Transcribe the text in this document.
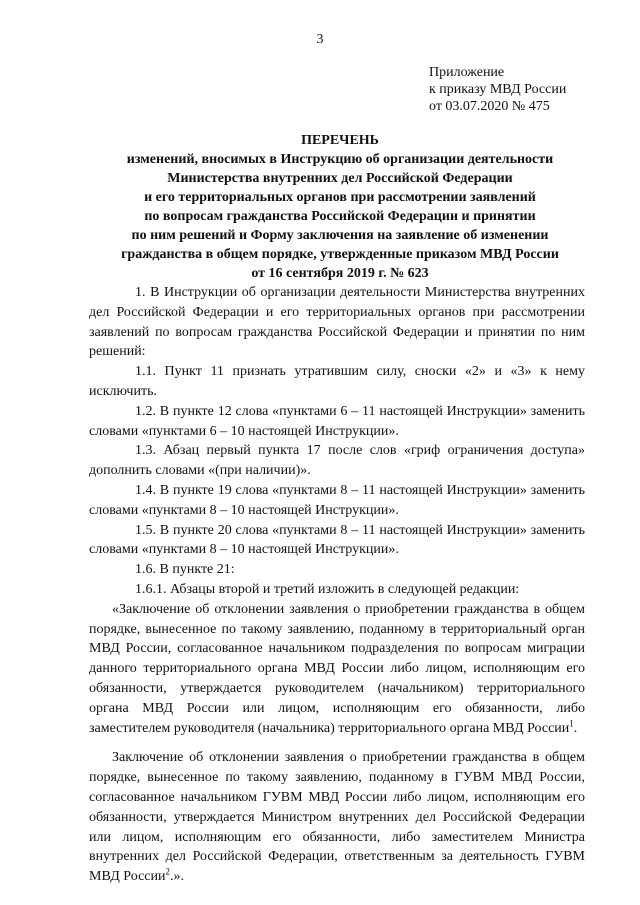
3
Приложение
к приказу МВД России
от 03.07.2020 № 475
ПЕРЕЧЕНЬ
изменений, вносимых в Инструкцию об организации деятельности
Министерства внутренних дел Российской Федерации
и его территориальных органов при рассмотрении заявлений
по вопросам гражданства Российской Федерации и принятии
по ним решений и Форму заключения на заявление об изменении
гражданства в общем порядке, утвержденные приказом МВД России
от 16 сентября 2019 г. № 623

1. В Инструкции об организации деятельности Министерства внутренних дел Российской Федерации и его территориальных органов при рассмотрении заявлений по вопросам гражданства Российской Федерации и принятии по ним решений:

1.1. Пункт 11 признать утратившим силу, сноски «2» и «3» к нему исключить.

1.2. В пункте 12 слова «пунктами 6 – 11 настоящей Инструкции» заменить словами «пунктами 6 – 10 настоящей Инструкции».

1.3. Абзац первый пункта 17 после слов «гриф ограничения доступа» дополнить словами «(при наличии)».

1.4. В пункте 19 слова «пунктами 8 – 11 настоящей Инструкции» заменить словами «пунктами 8 – 10 настоящей Инструкции».

1.5. В пункте 20 слова «пунктами 8 – 11 настоящей Инструкции» заменить словами «пунктами 8 – 10 настоящей Инструкции».

1.6. В пункте 21:

1.6.1. Абзацы второй и третий изложить в следующей редакции:

«Заключение об отклонении заявления о приобретении гражданства в общем порядке, вынесенное по такому заявлению, поданному в территориальный орган МВД России, согласованное начальником подразделения по вопросам миграции данного территориального органа МВД России либо лицом, исполняющим его обязанности, утверждается руководителем (начальником) территориального органа МВД России или лицом, исполняющим его обязанности, либо заместителем руководителя (начальника) территориального органа МВД России$^1$.

Заключение об отклонении заявления о приобретении гражданства в общем порядке, вынесенное по такому заявлению, поданному в ГУВМ МВД России, согласованное начальником ГУВМ МВД России либо лицом, исполняющим его обязанности, утверждается Министром внутренних дел Российской Федерации или лицом, исполняющим его обязанности, либо заместителем Министра внутренних дел Российской Федерации, ответственным за деятельность ГУВМ МВД России$^2$.».
